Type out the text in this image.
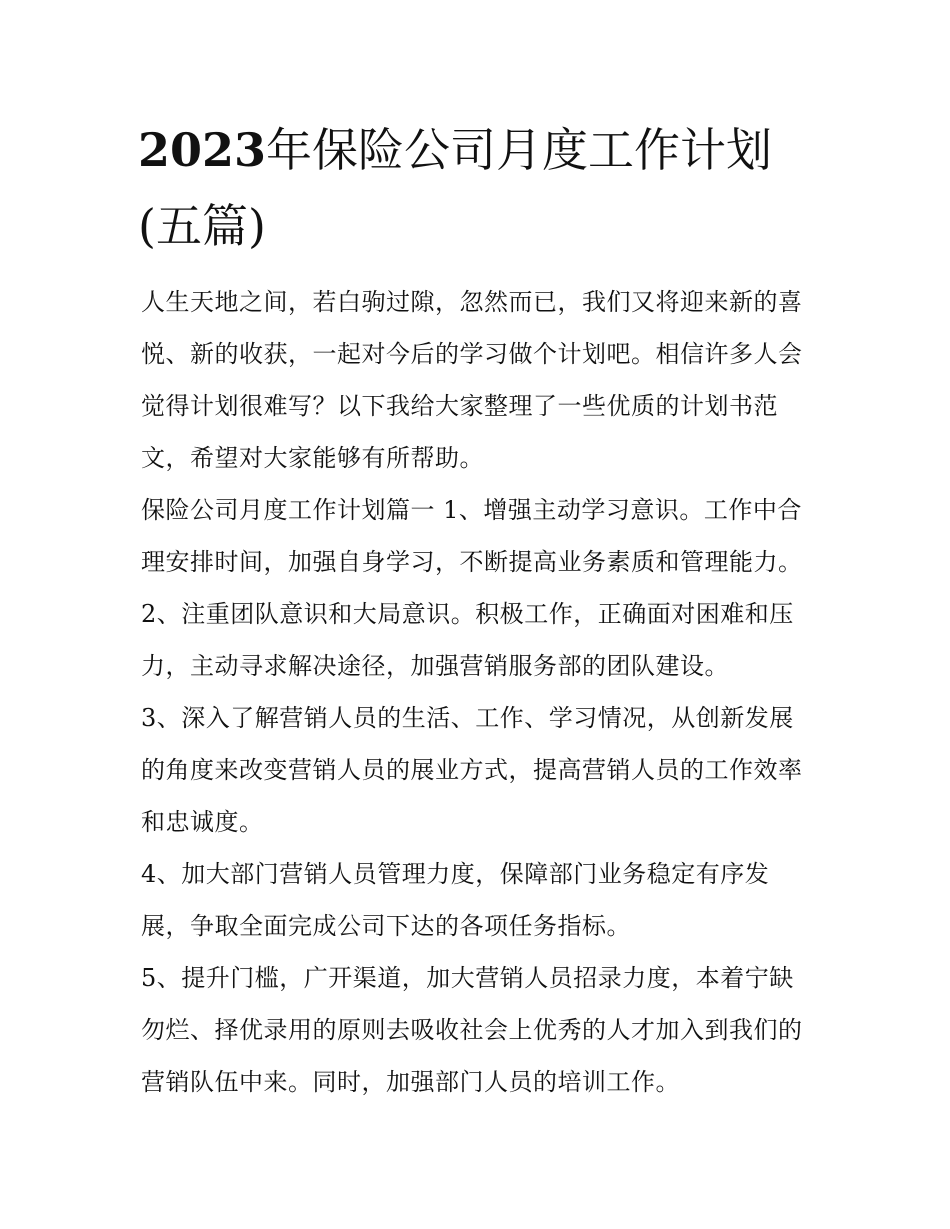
2023年保险公司月度工作计划
(五篇)

人生天地之间，若白驹过隙，忽然而已，我们又将迎来新的喜
悦、新的收获，一起对今后的学习做个计划吧。相信许多人会
觉得计划很难写？以下我给大家整理了一些优质的计划书范
文，希望对大家能够有所帮助。

保险公司月度工作计划篇一 1、增强主动学习意识。工作中合
理安排时间，加强自身学习，不断提高业务素质和管理能力。

2、注重团队意识和大局意识。积极工作，正确面对困难和压
力，主动寻求解决途径，加强营销服务部的团队建设。

3、深入了解营销人员的生活、工作、学习情况，从创新发展
的角度来改变营销人员的展业方式，提高营销人员的工作效率
和忠诚度。

4、加大部门营销人员管理力度，保障部门业务稳定有序发
展，争取全面完成公司下达的各项任务指标。

5、提升门槛，广开渠道，加大营销人员招录力度，本着宁缺
勿烂、择优录用的原则去吸收社会上优秀的人才加入到我们的
营销队伍中来。同时，加强部门人员的培训工作。
